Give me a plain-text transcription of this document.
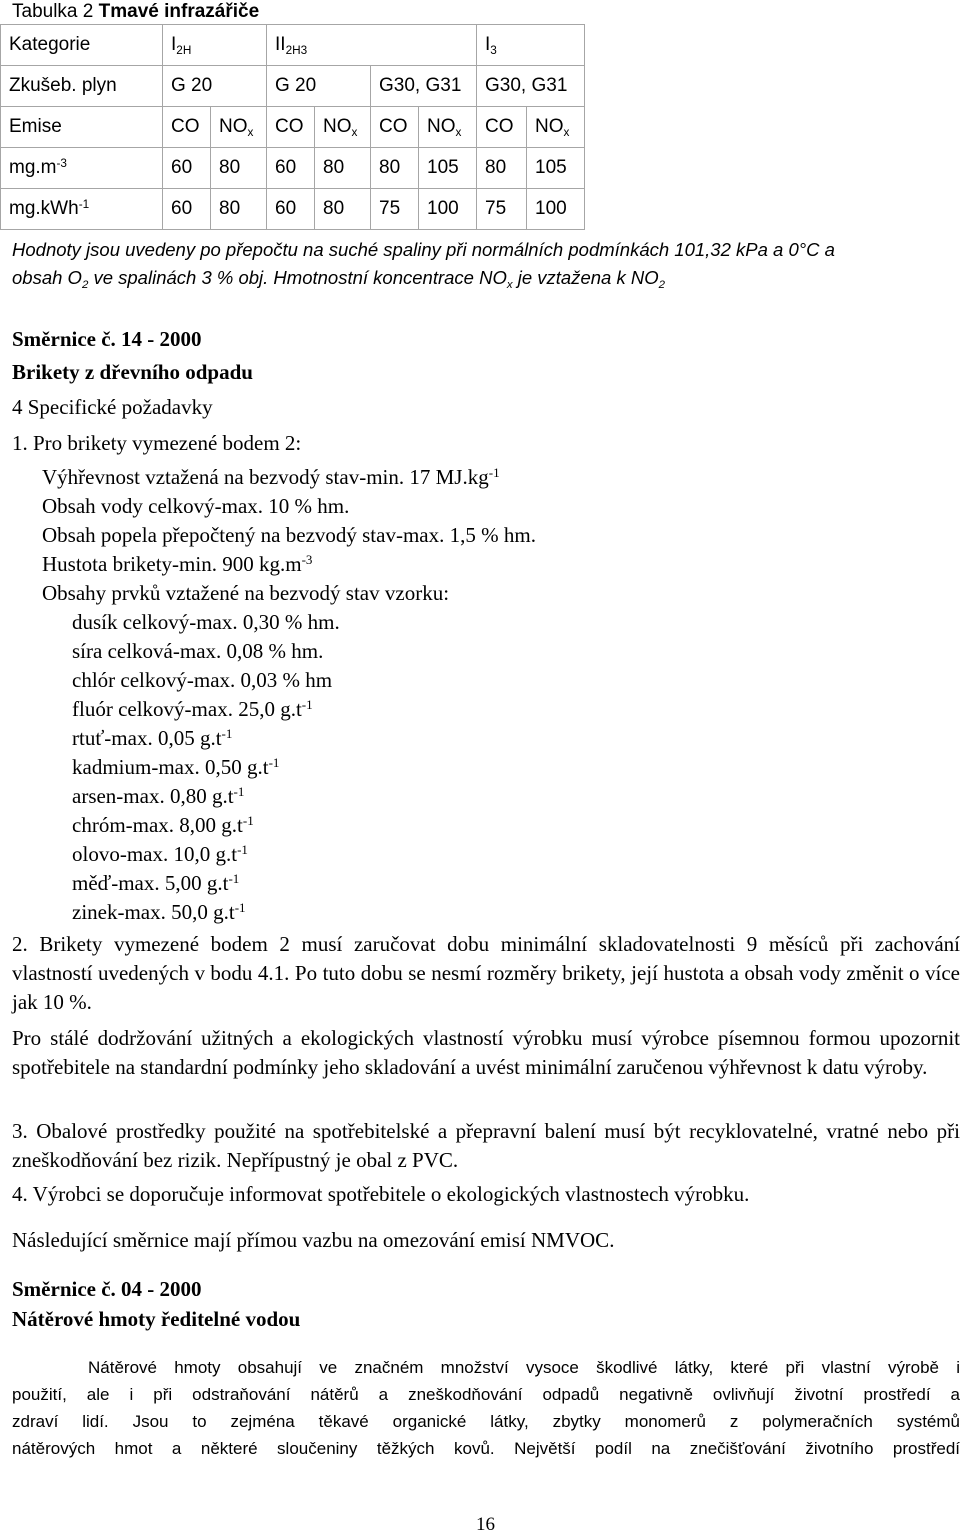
Tabulka 2 Tmavé infrazářiče
Kategorie	$I_{2H}$		$II_{2H3}$				$I_3$
Zkušeb. plyn	G 20		G 20		G30, G31		G30, G31	
Emise	CO	$NO_x$	CO	$NO_x$	CO	$NO_x$	CO	$NO_x$
$mg.m^{-3}$	60	80	60	80	80	105	80	105
mg.kWh$^{-1}$	60	80	60	80	75	100	75	100
Hodnoty jsou uvedeny po přepočtu na suché spaliny při normálních podmínkách 101,32 kPa a 0°C a
obsah $O_2$ ve spalinách 3 % obj. Hmotnostní koncentrace $NO_x$ je vztažena k $NO_2$
Směrnice č. 14 - 2000
Brikety z dřevního odpadu
4 Specifické požadavky
1. Pro brikety vymezené bodem 2:
Výhřevnost vztažená na bezvodý stav-min. 17 $MJ.kg^{-1}$
Obsah vody celkový-max. 10 % hm.
Obsah popela přepočtený na bezvodý stav-max. 1,5 % hm.
Hustota brikety-min. 900 $kg.m^{-3}$
Obsahy prvků vztažené na bezvodý stav vzorku:
dusík celkový-max. 0,30 % hm.
síra celková-max. 0,08 % hm.
chlór celkový-max. 0,03 % hm
fluór celkový-max. 25,0 $g.t^{-1}$
rtuť-max. 0,05 $g.t^{-1}$
kadmium-max. 0,50 $g.t^{-1}$
arsen-max. 0,80 $g.t^{-1}$
chróm-max. 8,00 $g.t^{-1}$
olovo-max. 10,0 $g.t^{-1}$
měď-max. 5,00 $g.t^{-1}$
zinek-max. 50,0 $g.t^{-1}$
2. Brikety vymezené bodem 2 musí zaručovat dobu minimální skladovatelnosti 9 měsíců při zachování vlastností uvedených v bodu 4.1. Po tuto dobu se nesmí rozměry brikety, její hustota a obsah vody změnit o více jak 10 %.
Pro stálé dodržování užitných a ekologických vlastností výrobku musí výrobce písemnou formou upozornit spotřebitele na standardní podmínky jeho skladování a uvést minimální zaručenou výhřevnost k datu výroby.
3. Obalové prostředky použité na spotřebitelské a přepravní balení musí být recyklovatelné, vratné nebo při zneškodňování bez rizik. Nepřípustný je obal z PVC.
4. Výrobci se doporučuje informovat spotřebitele o ekologických vlastnostech výrobku.
Následující směrnice mají přímou vazbu na omezování emisí NMVOC.
Směrnice č. 04 - 2000
Nátěrové hmoty ředitelné vodou
Nátěrové hmoty obsahují ve značném množství vysoce škodlivé látky, které při vlastní výrobě i
použití, ale i při odstraňování nátěrů a zneškodňování odpadů negativně ovlivňují životní prostředí a
zdraví lidí. Jsou to zejména těkavé organické látky, zbytky monomerů z polymeračních systémů
nátěrových hmot a některé sloučeniny těžkých kovů. Největší podíl na znečišťování životního prostředí
16
